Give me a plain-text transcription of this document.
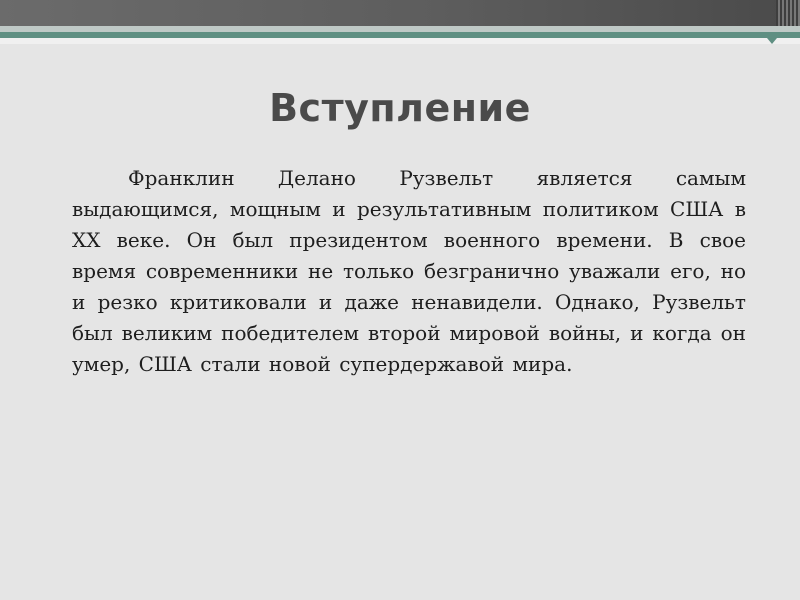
Вступление

Франклин Делано Рузвельт является самым выдающимся, мощным и результативным политиком США в XX веке. Он был президентом военного времени. В свое время современники не только безгранично уважали его, но и резко критиковали и даже ненавидели. Однако, Рузвельт был великим победителем второй мировой войны, и когда он умер, США стали новой супердержавой мира.
